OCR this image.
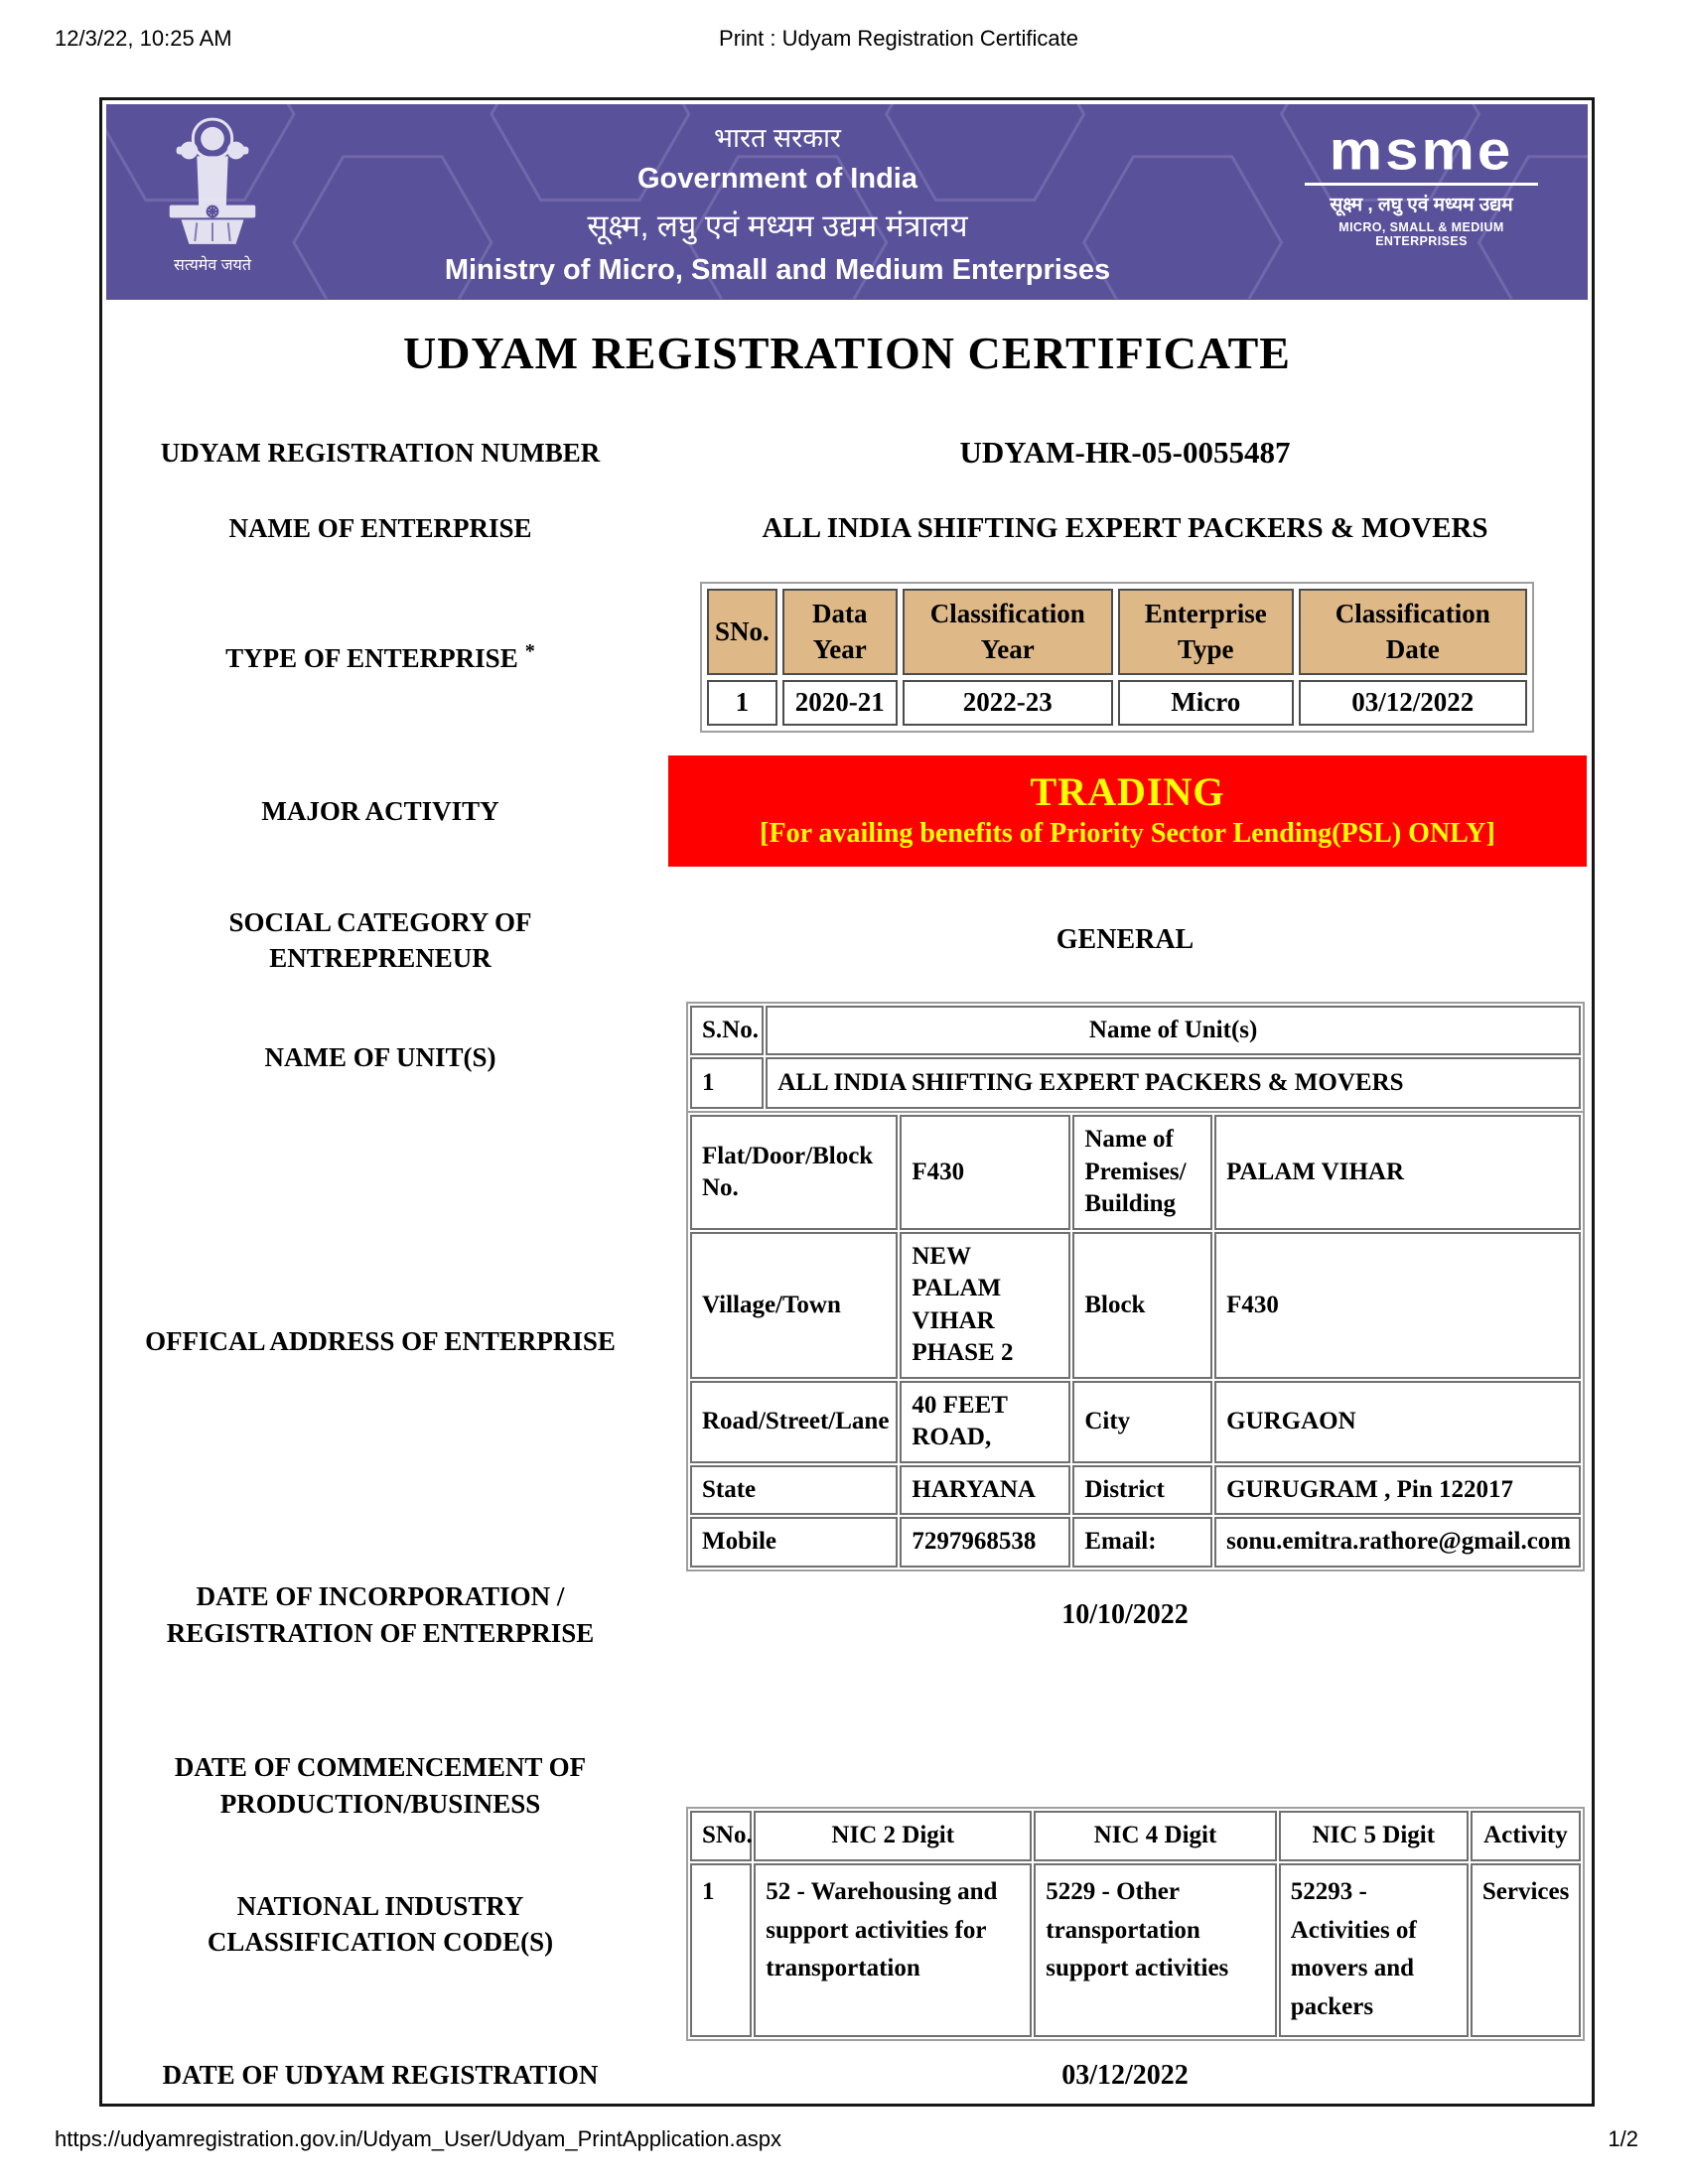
12/3/22, 10:25 AM	Print : Udyam Registration Certificate
सत्यमेव जयते
भारत सरकार
Government of India
सूक्ष्म, लघु एवं मध्यम उद्यम मंत्रालय
Ministry of Micro, Small and Medium Enterprises
msme
सूक्ष्म , लघु एवं मध्यम उद्यम
MICRO, SMALL & MEDIUM ENTERPRISES
UDYAM REGISTRATION CERTIFICATE
UDYAM REGISTRATION NUMBER	UDYAM-HR-05-0055487
NAME OF ENTERPRISE	ALL INDIA SHIFTING EXPERT PACKERS & MOVERS
TYPE OF ENTERPRISE *
SNo.	Data Year	Classification Year	Enterprise Type	Classification Date
1	2020-21	2022-23	Micro	03/12/2022
MAJOR ACTIVITY	TRADING
[For availing benefits of Priority Sector Lending(PSL) ONLY]
SOCIAL CATEGORY OF ENTREPRENEUR
GENERAL
NAME OF UNIT(S)
S.No.	Name of Unit(s)
1	ALL INDIA SHIFTING EXPERT PACKERS & MOVERS
OFFICAL ADDRESS OF ENTERPRISE
Flat/Door/Block No.	F430	Name of Premises/ Building	PALAM VIHAR
Village/Town	NEW PALAM VIHAR PHASE 2	Block	F430
Road/Street/Lane	40 FEET ROAD,	City	GURGAON
State	HARYANA	District	GURUGRAM , Pin 122017
Mobile	7297968538	Email:	sonu.emitra.rathore@gmail.com
DATE OF INCORPORATION / REGISTRATION OF ENTERPRISE
10/10/2022
DATE OF COMMENCEMENT OF PRODUCTION/BUSINESS
NATIONAL INDUSTRY CLASSIFICATION CODE(S)
SNo.	NIC 2 Digit	NIC 4 Digit	NIC 5 Digit	Activity
1	52 - Warehousing and support activities for transportation	5229 - Other transportation support activities	52293 - Activities of movers and packers	Services
DATE OF UDYAM REGISTRATION	03/12/2022
https://udyamregistration.gov.in/Udyam_User/Udyam_PrintApplication.aspx	1/2
